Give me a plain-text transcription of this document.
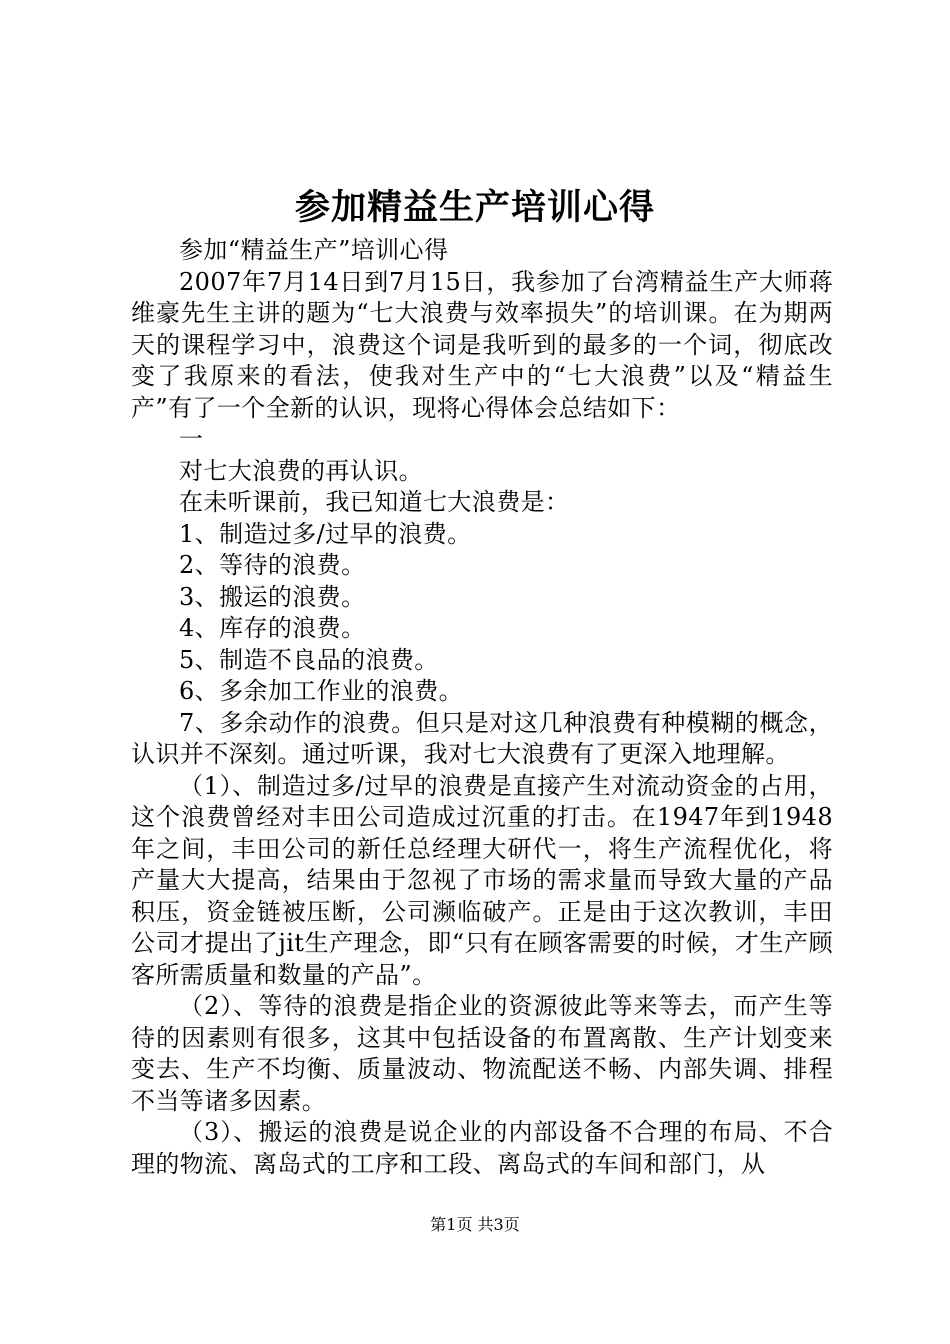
参加精益生产培训心得

参加“精益生产”培训心得

2007年7月14日到7月15日，我参加了台湾精益生产大师蒋维豪先生主讲的题为“七大浪费与效率损失”的培训课。在为期两天的课程学习中，浪费这个词是我听到的最多的一个词，彻底改变了我原来的看法，使我对生产中的“七大浪费”以及“精益生产”有了一个全新的认识，现将心得体会总结如下：

一

对七大浪费的再认识。

在未听课前，我已知道七大浪费是：

1、制造过多/过早的浪费。

2、等待的浪费。

3、搬运的浪费。

4、库存的浪费。

5、制造不良品的浪费。

6、多余加工作业的浪费。

7、多余动作的浪费。但只是对这几种浪费有种模糊的概念，认识并不深刻。通过听课，我对七大浪费有了更深入地理解。

（1）、制造过多/过早的浪费是直接产生对流动资金的占用，这个浪费曾经对丰田公司造成过沉重的打击。在1947年到1948年之间，丰田公司的新任总经理大研代一，将生产流程优化，将产量大大提高，结果由于忽视了市场的需求量而导致大量的产品积压，资金链被压断，公司濒临破产。正是由于这次教训，丰田公司才提出了jit生产理念，即“只有在顾客需要的时候，才生产顾客所需质量和数量的产品”。

（2）、等待的浪费是指企业的资源彼此等来等去，而产生等待的因素则有很多，这其中包括设备的布置离散、生产计划变来变去、生产不均衡、质量波动、物流配送不畅、内部失调、排程不当等诸多因素。

（3）、搬运的浪费是说企业的内部设备不合理的布局、不合理的物流、离岛式的工序和工段、离岛式的车间和部门，从

第1页 共3页
